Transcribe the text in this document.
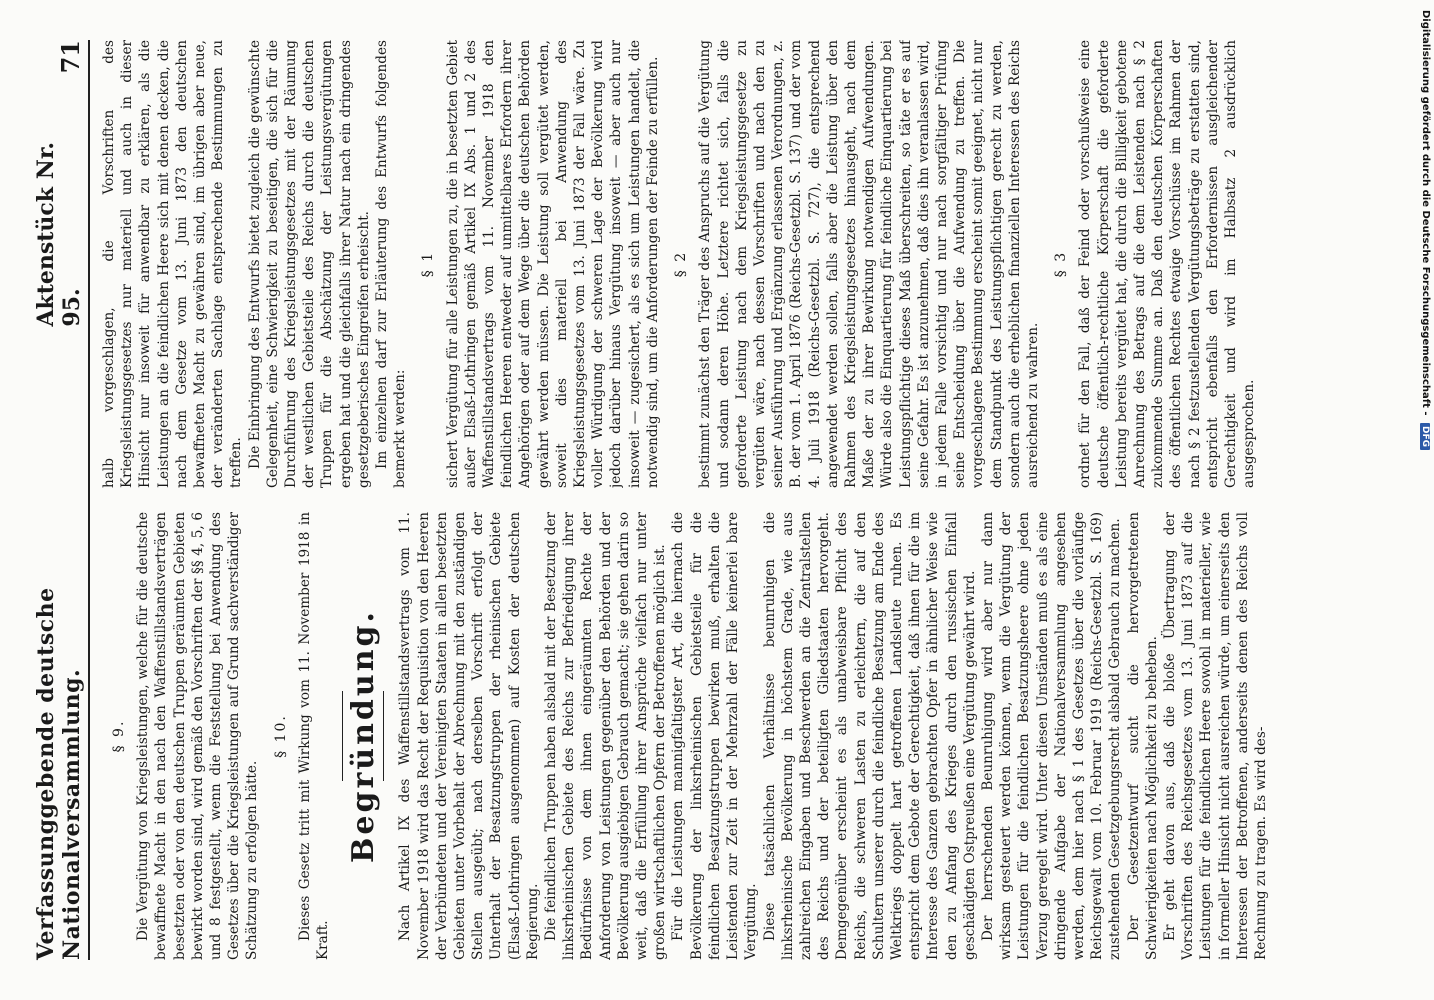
Verfassunggebende deutsche Nationalversammlung.
Aktenstück Nr. 95.
71
§ 9. Die Vergütung von Kriegsleistungen, welche für die deutsche bewaffnete Macht in den nach den Waffenstillstandsverträgen besetzten oder von den deutschen Truppen geräumten Gebieten bewirkt worden sind, wird gemäß den Vorschriften der §§ 4, 5, 6 und 8 festgestellt, wenn die Feststellung bei Anwendung des Gesetzes über die Kriegsleistungen auf Grund sachverständiger Schätzung zu erfolgen hätte.

§ 10. Dieses Gesetz tritt mit Wirkung vom 11. November 1918 in Kraft.

Begründung. Nach Artikel IX des Waffenstillstandsvertrags vom 11. November 1918 wird das Recht der Requisition von den Heeren der Verbündeten und der Vereinigten Staaten in allen besetzten Gebieten unter Vorbehalt der Abrechnung mit den zuständigen Stellen ausgeübt; nach derselben Vorschrift erfolgt der Unterhalt der Besatzungstruppen der rheinischen Gebiete (Elsaß-Lothringen ausgenommen) auf Kosten der deutschen Regierung. Die feindlichen Truppen haben alsbald mit der Besetzung der linksrheinischen Gebiete des Reichs zur Befriedigung ihrer Bedürfnisse von dem ihnen eingeräumten Rechte der Anforderung von Leistungen gegenüber den Behörden und der Bevölkerung ausgiebigen Gebrauch gemacht; sie gehen darin so weit, daß die Erfüllung ihrer Ansprüche vielfach nur unter großen wirtschaftlichen Opfern der Betroffenen möglich ist. Für die Leistungen mannigfaltigster Art, die hiernach die Bevölkerung der linksrheinischen Gebietsteile für die feindlichen Besatzungstruppen bewirken muß, erhalten die Leistenden zur Zeit in der Mehrzahl der Fälle keinerlei bare Vergütung. Diese tatsächlichen Verhältnisse beunruhigen die linksrheinische Bevölkerung in höchstem Grade, wie aus zahlreichen Eingaben und Beschwerden an die Zentralstellen des Reichs und der beteiligten Gliedstaaten hervorgeht. Demgegenüber erscheint es als unabweisbare Pflicht des Reichs, die schweren Lasten zu erleichtern, die auf den Schultern unserer durch die feindliche Besatzung am Ende des Weltkriegs doppelt hart getroffenen Landsleute ruhen. Es entspricht dem Gebote der Gerechtigkeit, daß ihnen für die im Interesse des Ganzen gebrachten Opfer in ähnlicher Weise wie den zu Anfang des Krieges durch den russischen Einfall geschädigten Ostpreußen eine Vergütung gewährt wird. Der herrschenden Beunruhigung wird aber nur dann wirksam gesteuert werden können, wenn die Vergütung der Leistungen für die feindlichen Besatzungsheere ohne jeden Verzug geregelt wird. Unter diesen Umständen muß es als eine dringende Aufgabe der Nationalversammlung angesehen werden, dem hier nach § 1 des Gesetzes über die vorläufige Reichsgewalt vom 10. Februar 1919 (Reichs-Gesetzbl. S. 169) zustehenden Gesetzgebungsrecht alsbald Gebrauch zu machen. Der Gesetzentwurf sucht die hervorgetretenen Schwierigkeiten nach Möglichkeit zu beheben. Er geht davon aus, daß die bloße Übertragung der Vorschriften des Reichsgesetzes vom 13. Juni 1873 auf die Leistungen für die feindlichen Heere sowohl in materieller, wie in formeller Hinsicht nicht ausreichen würde, um einerseits den Interessen der Betroffenen, anderseits denen des Reichs voll Rechnung zu tragen. Es wird des-

halb vorgeschlagen, die Vorschriften des Kriegsleistungsgesetzes nur materiell und auch in dieser Hinsicht nur insoweit für anwendbar zu erklären, als die Leistungen an die feindlichen Heere sich mit denen decken, die nach dem Gesetze vom 13. Juni 1873 den deutschen bewaffneten Macht zu gewähren sind, im übrigen aber neue, der veränderten Sachlage entsprechende Bestimmungen zu treffen. Die Einbringung des Entwurfs bietet zugleich die gewünschte Gelegenheit, eine Schwierigkeit zu beseitigen, die sich für die Durchführung des Kriegsleistungsgesetzes mit der Räumung der westlichen Gebietsteile des Reichs durch die deutschen Truppen für die Abschätzung der Leistungsvergütungen ergeben hat und die gleichfalls ihrer Natur nach ein dringendes gesetzgeberisches Eingreifen erheischt. Im einzelnen darf zur Erläuterung des Entwurfs folgendes bemerkt werden:

§ 1 sichert Vergütung für alle Leistungen zu, die in besetzten Gebiet außer Elsaß-Lothringen gemäß Artikel IX Abs. 1 und 2 des Waffenstillstandsvertrags vom 11. November 1918 den feindlichen Heeren entweder auf unmittelbares Erfordern ihrer Angehörigen oder auf dem Wege über die deutschen Behörden gewährt werden müssen. Die Leistung soll vergütet werden, soweit dies materiell bei Anwendung des Kriegsleistungsgesetzes vom 13. Juni 1873 der Fall wäre. Zu voller Würdigung der schweren Lage der Bevölkerung wird jedoch darüber hinaus Vergütung insoweit — aber auch nur insoweit — zugesichert, als es sich um Leistungen handelt, die notwendig sind, um die Anforderungen der Feinde zu erfüllen. § 2 bestimmt zunächst den Träger des Anspruchs auf die Vergütung und sodann deren Höhe. Letztere richtet sich, falls die geforderte Leistung nach dem Kriegsleistungsgesetze zu vergüten wäre, nach dessen Vorschriften und nach den zu seiner Ausführung und Ergänzung erlassenen Verordnungen, z. B. der vom 1. April 1876 (Reichs-Gesetzbl. S. 137) und der vom 4. Juli 1918 (Reichs-Gesetzbl. S. 727), die entsprechend angewendet werden sollen, falls aber die Leistung über den Rahmen des Kriegsleistungsgesetzes hinausgeht, nach dem Maße der zu ihrer Bewirkung notwendigen Aufwendungen. Würde also die Einquartierung für feindliche Einquartierung bei Leistungspflichtige dieses Maß überschreiten, so täte er es auf seine Gefahr. Es ist anzunehmen, daß dies ihn veranlassen wird, in jedem Falle vorsichtig und nur nach sorgfältiger Prüfung seine Entscheidung über die Aufwendung zu treffen. Die vorgeschlagene Bestimmung erscheint somit geeignet, nicht nur dem Standpunkt des Leistungspflichtigen gerecht zu werden, sondern auch die erheblichen finanziellen Interessen des Reichs ausreichend zu wahren.

§ 3 ordnet für den Fall, daß der Feind oder vorschußweise eine deutsche öffentlich-rechtliche Körperschaft die geforderte Leistung bereits vergütet hat, die durch die Billigkeit gebotene Anrechnung des Betrags auf die dem Leistenden nach § 2 zukommende Summe an. Daß den deutschen Körperschaften des öffentlichen Rechtes etwaige Vorschüsse im Rahmen der nach § 2 festzustellenden Vergütungsbeträge zu erstatten sind, entspricht ebenfalls den Erfordernissen ausgleichender Gerechtigkeit und wird im Halbsatz 2 ausdrücklich ausgesprochen.

Digitalisierung gefördert durch die Deutsche Forschungsgemeinschaft - DFG
